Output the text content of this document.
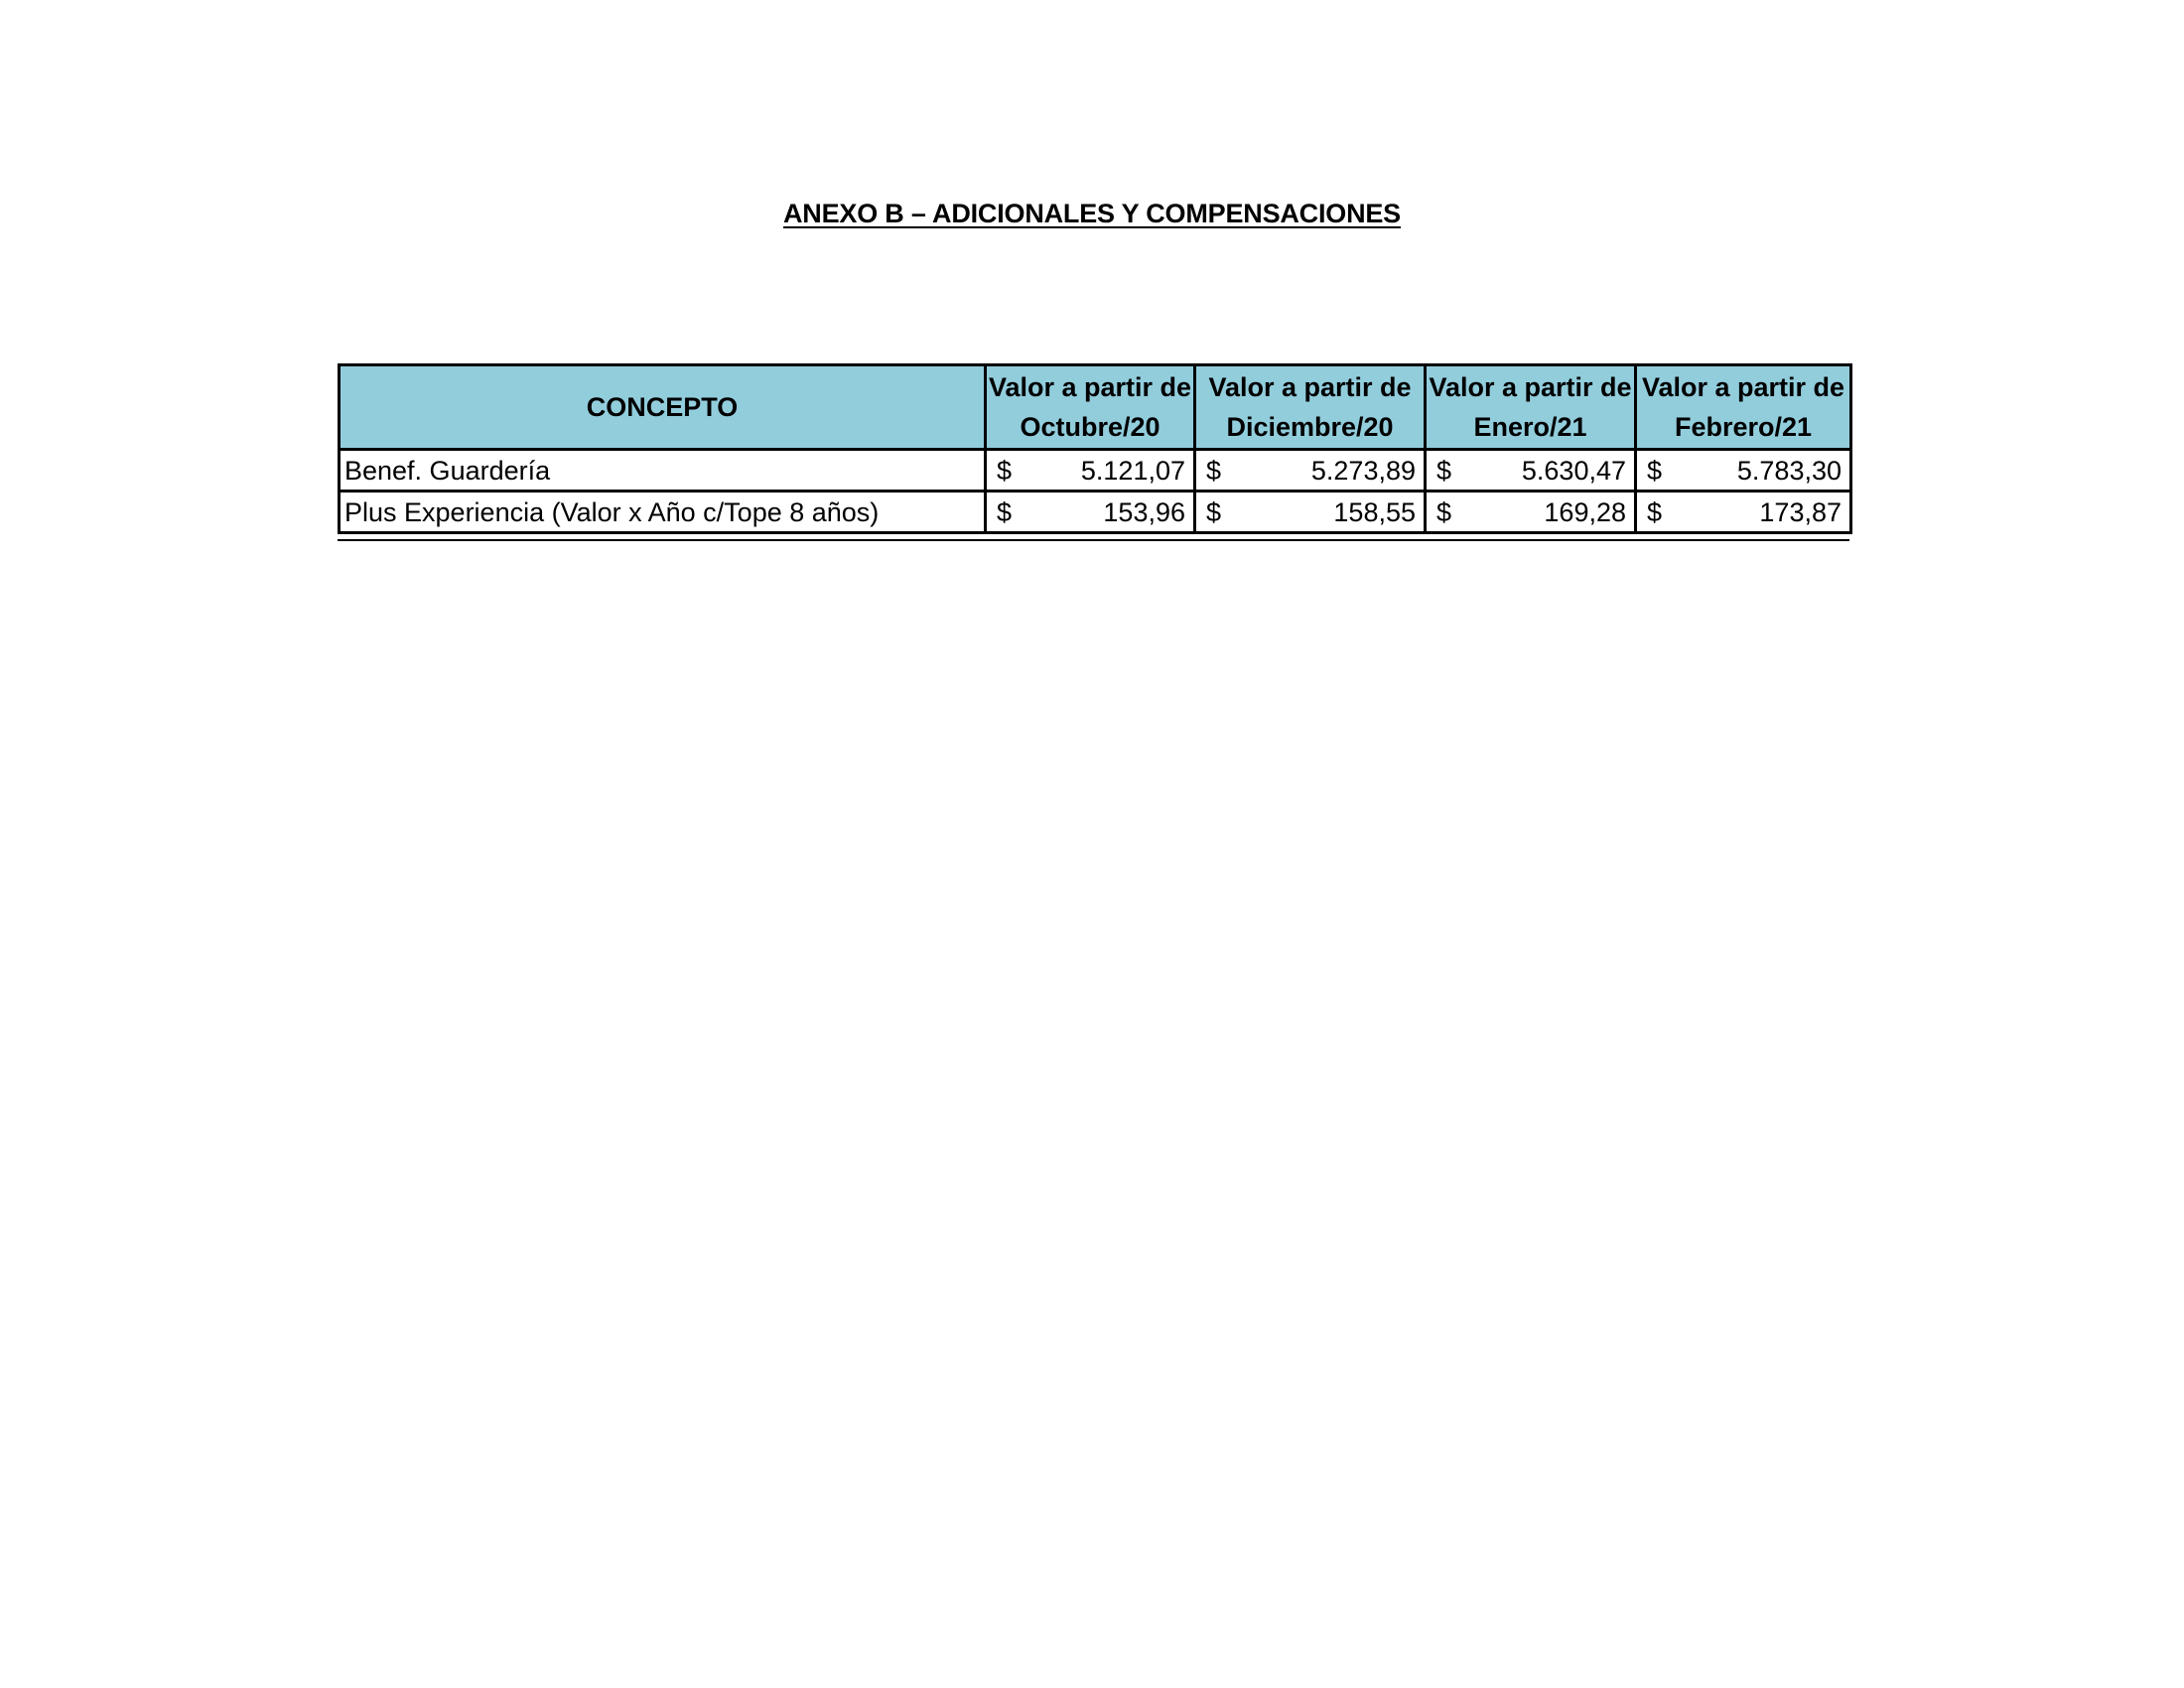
ANEXO B – ADICIONALES Y COMPENSACIONES
CONCEPTO	Valor a partir de Octubre/20	Valor a partir de Diciembre/20	Valor a partir de Enero/21	Valor a partir de Febrero/21
Benef. Guardería	$ 5.121,07	$ 5.273,89	$ 5.630,47	$ 5.783,30

Plus Experiencia (Valor x Año c/Tope 8 años)	$ 153,96	$ 158,55	$ 169,28	$ 173,87
